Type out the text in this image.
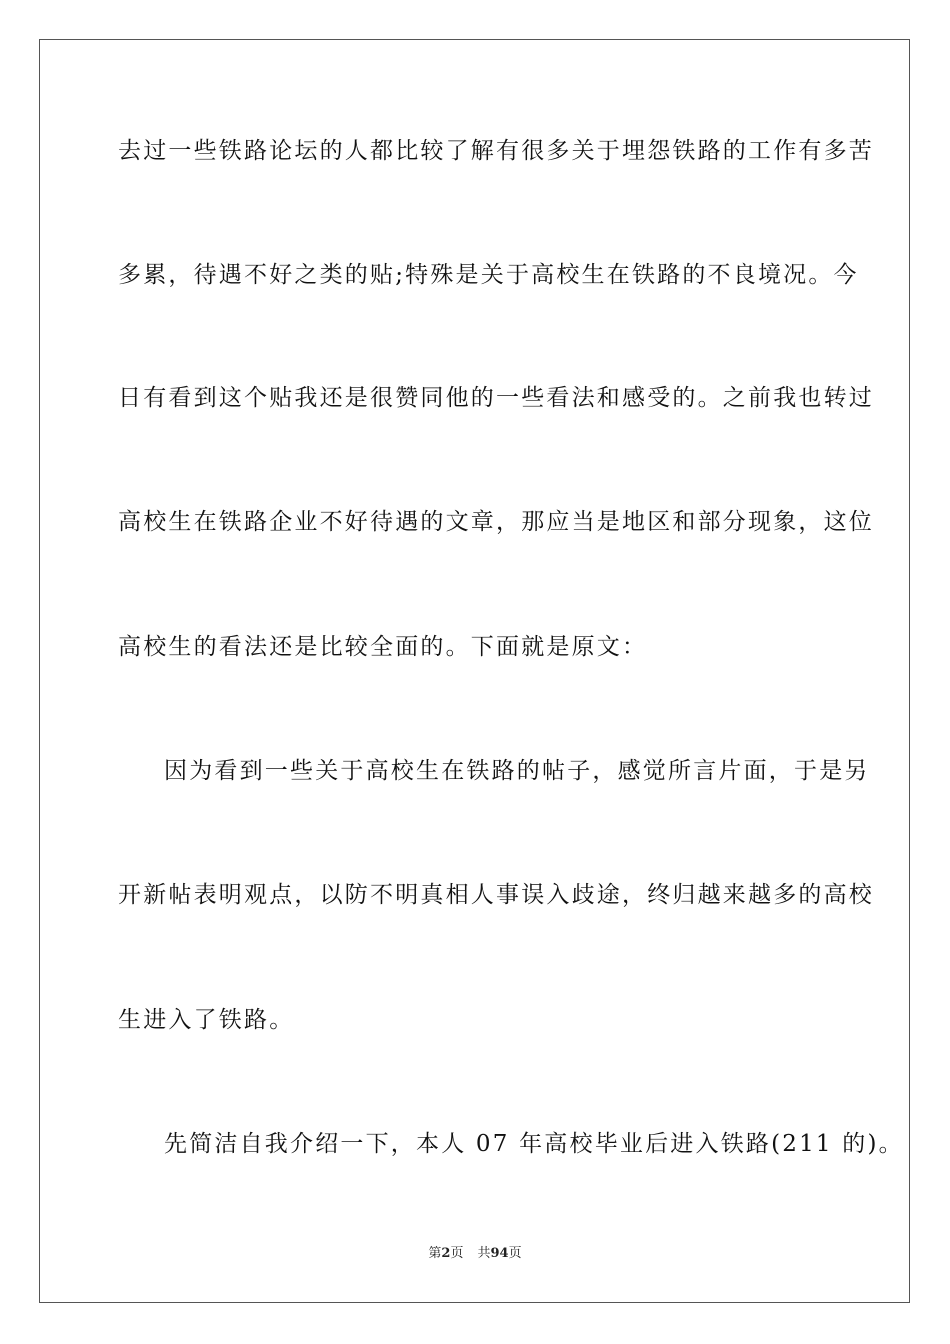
去过一些铁路论坛的人都比较了解有很多关于埋怨铁路的工作有多苦
多累，待遇不好之类的贴;特殊是关于高校生在铁路的不良境况。今
日有看到这个贴我还是很赞同他的一些看法和感受的。之前我也转过
高校生在铁路企业不好待遇的文章，那应当是地区和部分现象，这位
高校生的看法还是比较全面的。下面就是原文：
因为看到一些关于高校生在铁路的帖子，感觉所言片面，于是另
开新帖表明观点，以防不明真相人事误入歧途，终归越来越多的高校
生进入了铁路。
先简洁自我介绍一下，本人 07 年高校毕业后进入铁路(211 的)。
第2页 共94页
